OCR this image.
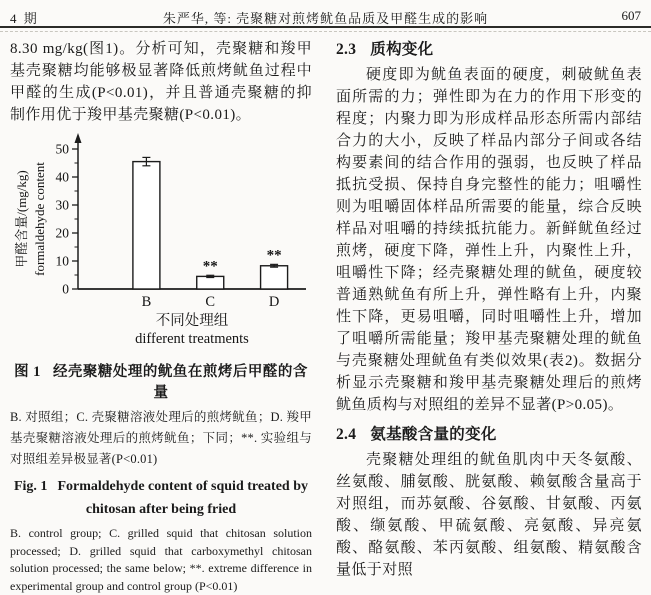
4 期	朱严华, 等: 壳聚糖对煎烤鱿鱼品质及甲醛生成的影响	607
8.30 mg/kg(图1)。分析可知，壳聚糖和羧甲基壳聚糖均能够极显著降低煎烤鱿鱼过程中甲醛的生成(P<0.01)，并且普通壳聚糖的抑制作用优于羧甲基壳聚糖(P<0.01)。
0
10
20
30
40
50
甲醛含量/(mg/kg) formaldehyde content
B
**
C
**
D
不同处理组
different treatments
图 1 经壳聚糖处理的鱿鱼在煎烤后甲醛的含量
B. 对照组；C. 壳聚糖溶液处理后的煎烤鱿鱼；D. 羧甲基壳聚糖溶液处理后的煎烤鱿鱼；下同；**. 实验组与对照组差异极显著(P<0.01)
Fig. 1 Formaldehyde content of squid treated by
chitosan after being fried
B. control group; C. grilled squid that chitosan solution processed; D. grilled squid that carboxymethyl chitosan solution processed; the same below; **. extreme difference in experimental group and control group (P<0.01)
2.3 质构变化
硬度即为鱿鱼表面的硬度，刺破鱿鱼表面所需的力；弹性即为在力的作用下形变的程度；内聚力即为形成样品形态所需内部结合力的大小，反映了样品内部分子间或各结构要素间的结合作用的强弱，也反映了样品抵抗受损、保持自身完整性的能力；咀嚼性则为咀嚼固体样品所需要的能量，综合反映样品对咀嚼的持续抵抗能力。新鲜鱿鱼经过煎烤，硬度下降，弹性上升，内聚性上升，咀嚼性下降；经壳聚糖处理的鱿鱼，硬度较普通熟鱿鱼有所上升，弹性略有上升，内聚性下降，更易咀嚼，同时咀嚼性上升，增加了咀嚼所需能量；羧甲基壳聚糖处理的鱿鱼与壳聚糖处理鱿鱼有类似效果(表2)。数据分析显示壳聚糖和羧甲基壳聚糖处理后的煎烤鱿鱼质构与对照组的差异不显著(P>0.05)。
2.4 氨基酸含量的变化
壳聚糖处理组的鱿鱼肌肉中天冬氨酸、丝氨酸、脯氨酸、胱氨酸、赖氨酸含量高于对照组，而苏氨酸、谷氨酸、甘氨酸、丙氨酸、缬氨酸、甲硫氨酸、亮氨酸、异亮氨酸、酪氨酸、苯丙氨酸、组氨酸、精氨酸含量低于对照
